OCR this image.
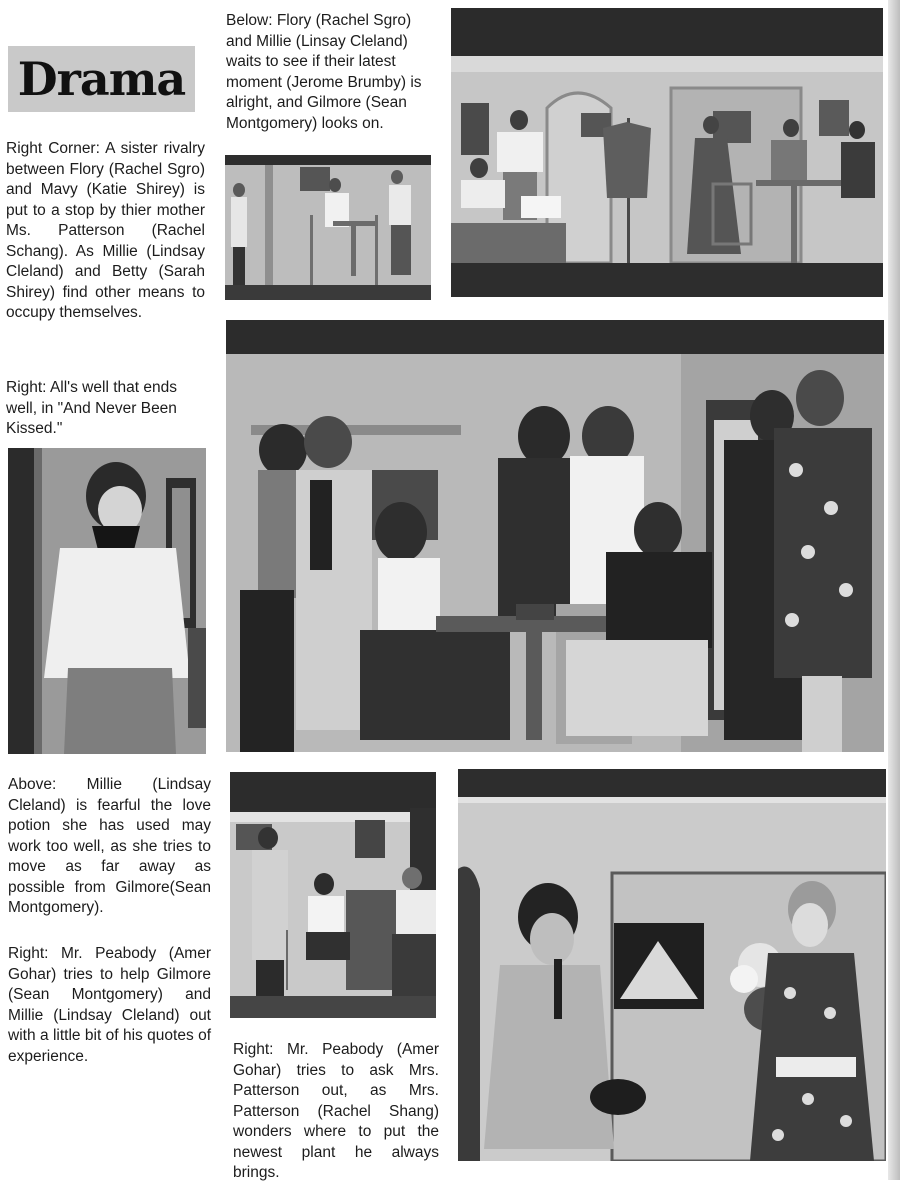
Drama
Right Corner: A sister rivalry between Flory (Rachel Sgro) and Mavy (Katie Shirey) is put to a stop by thier mother Ms. Patterson (Rachel Schang). As Millie (Lindsay Cleland) and Betty (Sarah Shirey) find other means to occupy themselves.
Below: Flory (Rachel Sgro) and Millie (Linsay Cleland) waits to see if their latest moment (Jerome Brumby) is alright, and Gilmore (Sean Montgomery) looks on.
Right: All's well that ends well, in "And Never Been Kissed."
Above: Millie (Lindsay Cleland) is fearful the love potion she has used may work too well, as she tries to move as far away as possible from Gilmore(Sean Montgomery).
Right: Mr. Peabody (Amer Gohar) tries to help Gilmore (Sean Montgomery) and Millie (Lindsay Cleland) out with a little bit of his quotes of experience.	Right: Mr. Peabody (Amer Gohar) tries to ask Mrs. Patterson out, as Mrs. Patterson (Rachel Shang) wonders where to put the newest plant he always brings.
